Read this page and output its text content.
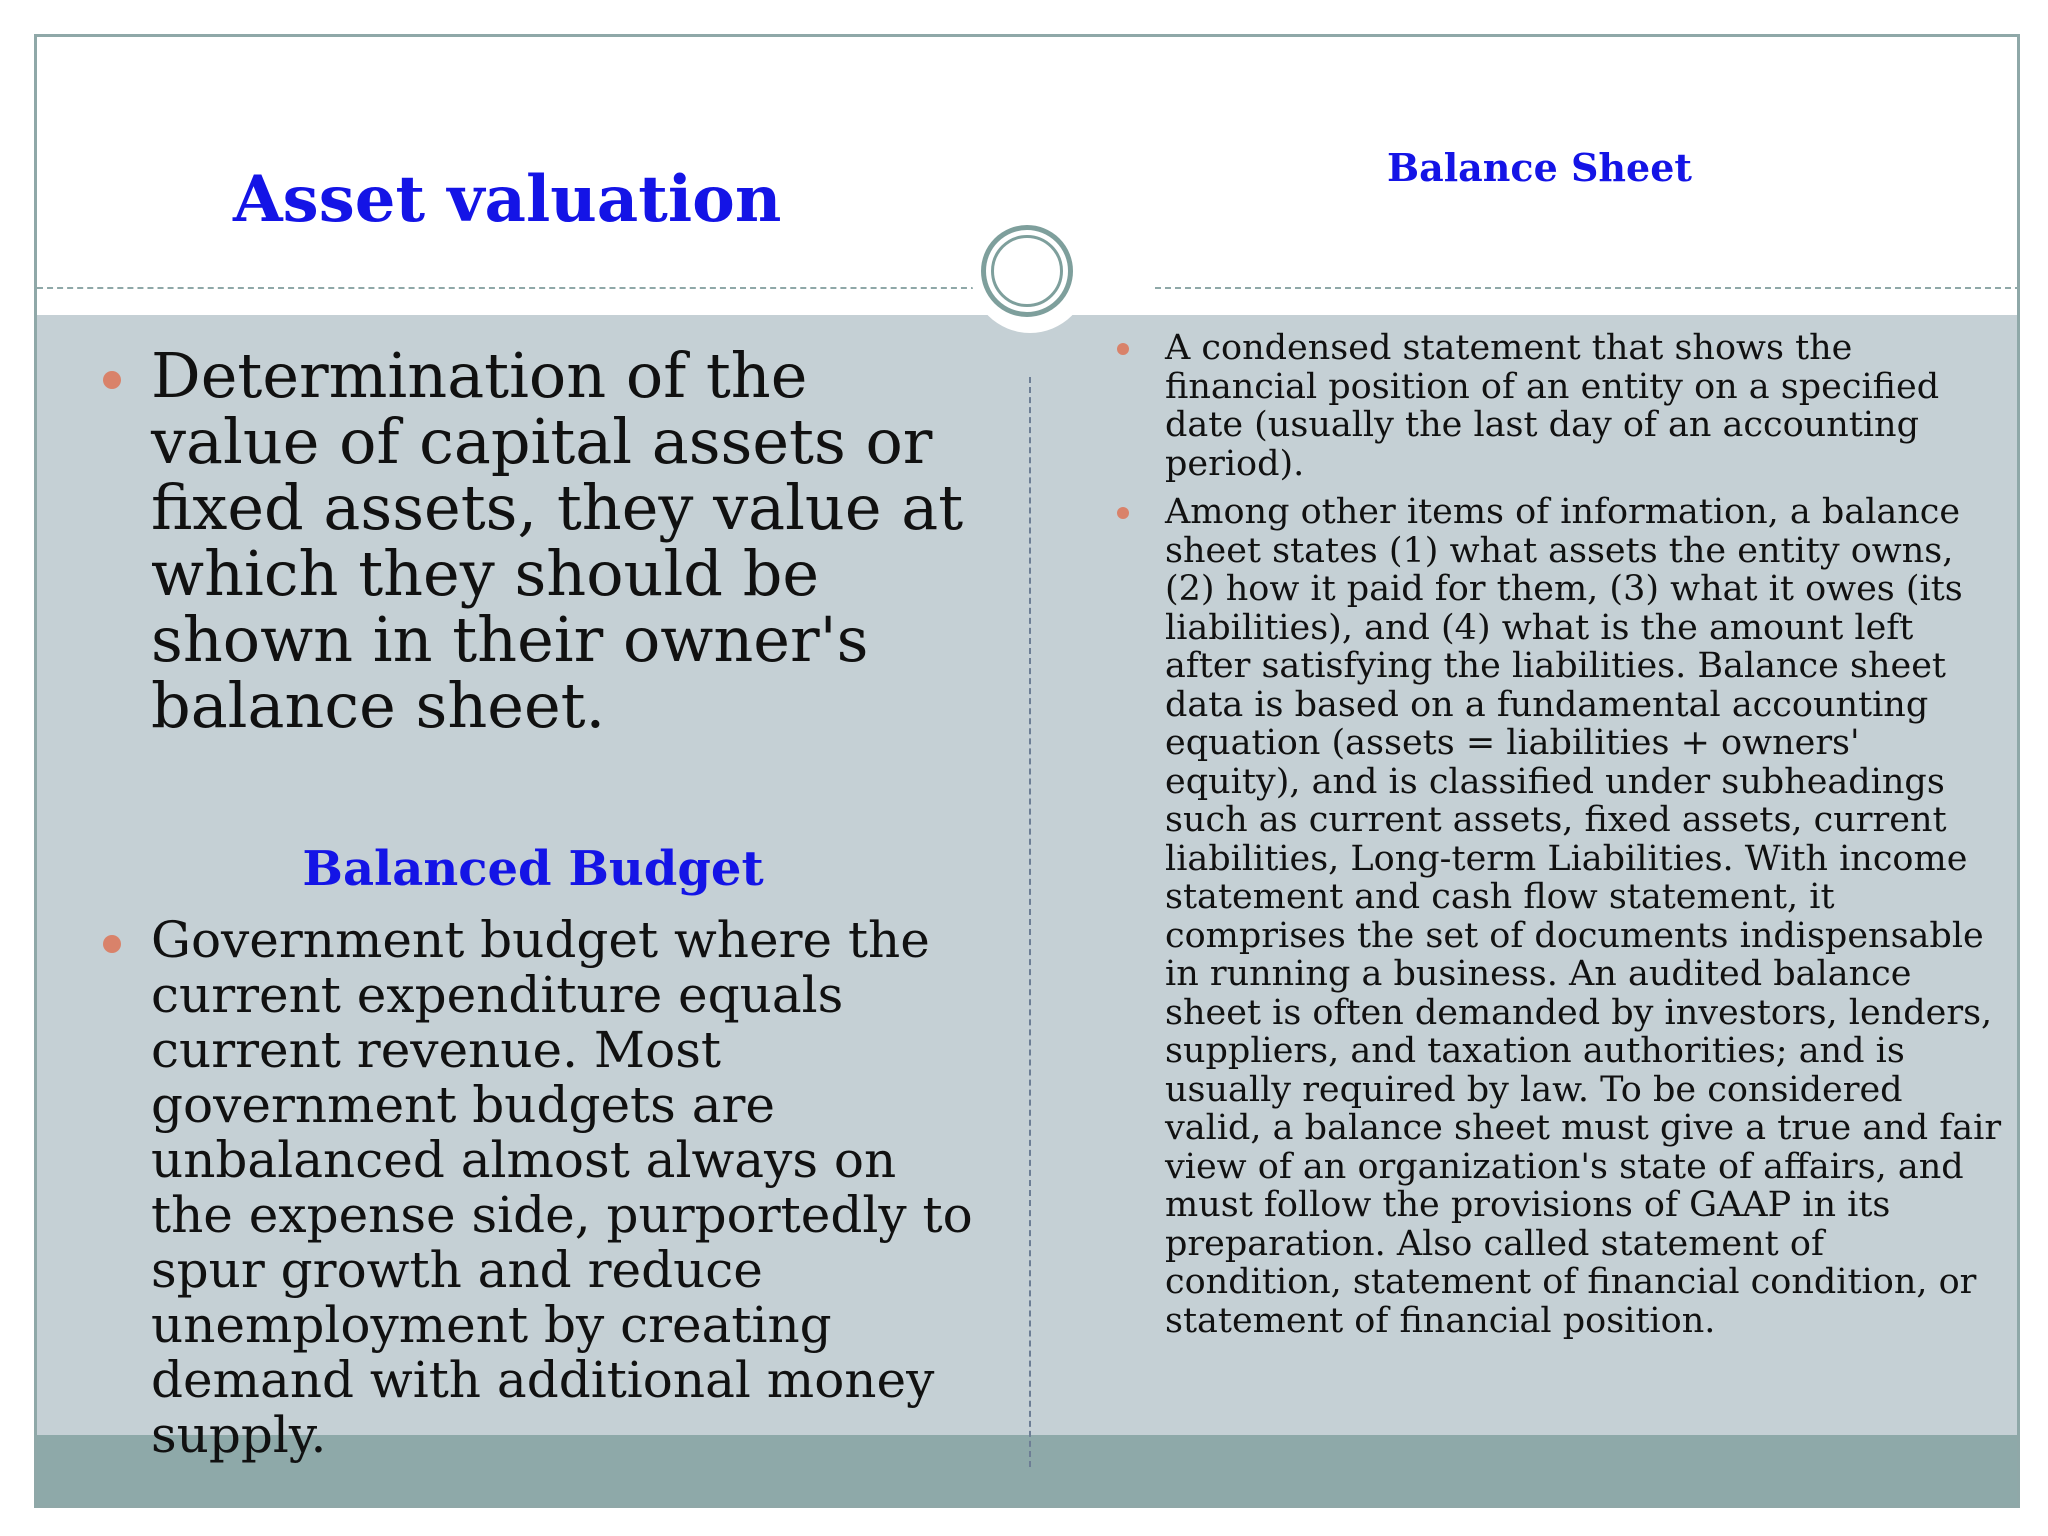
Asset valuation	Balance Sheet
Determination of the value of capital assets or fixed assets, they value at which they should be shown in their owner's balance sheet.
Balanced Budget
Government budget where the current expenditure equals current revenue. Most government budgets are unbalanced almost always on the expense side, purportedly to spur growth and reduce unemployment by creating demand with additional money supply.
A condensed statement that shows the financial position of an entity on a specified date (usually the last day of an accounting period).
Among other items of information, a balance sheet states (1) what assets the entity owns, (2) how it paid for them, (3) what it owes (its liabilities), and (4) what is the amount left after satisfying the liabilities. Balance sheet data is based on a fundamental accounting equation (assets = liabilities + owners' equity), and is classified under subheadings such as current assets, fixed assets, current liabilities, Long-term Liabilities. With income statement and cash flow statement, it comprises the set of documents indispensable in running a business. An audited balance sheet is often demanded by investors, lenders, suppliers, and taxation authorities; and is usually required by law. To be considered valid, a balance sheet must give a true and fair view of an organization's state of affairs, and must follow the provisions of GAAP in its preparation. Also called statement of condition, statement of financial condition, or statement of financial position.
